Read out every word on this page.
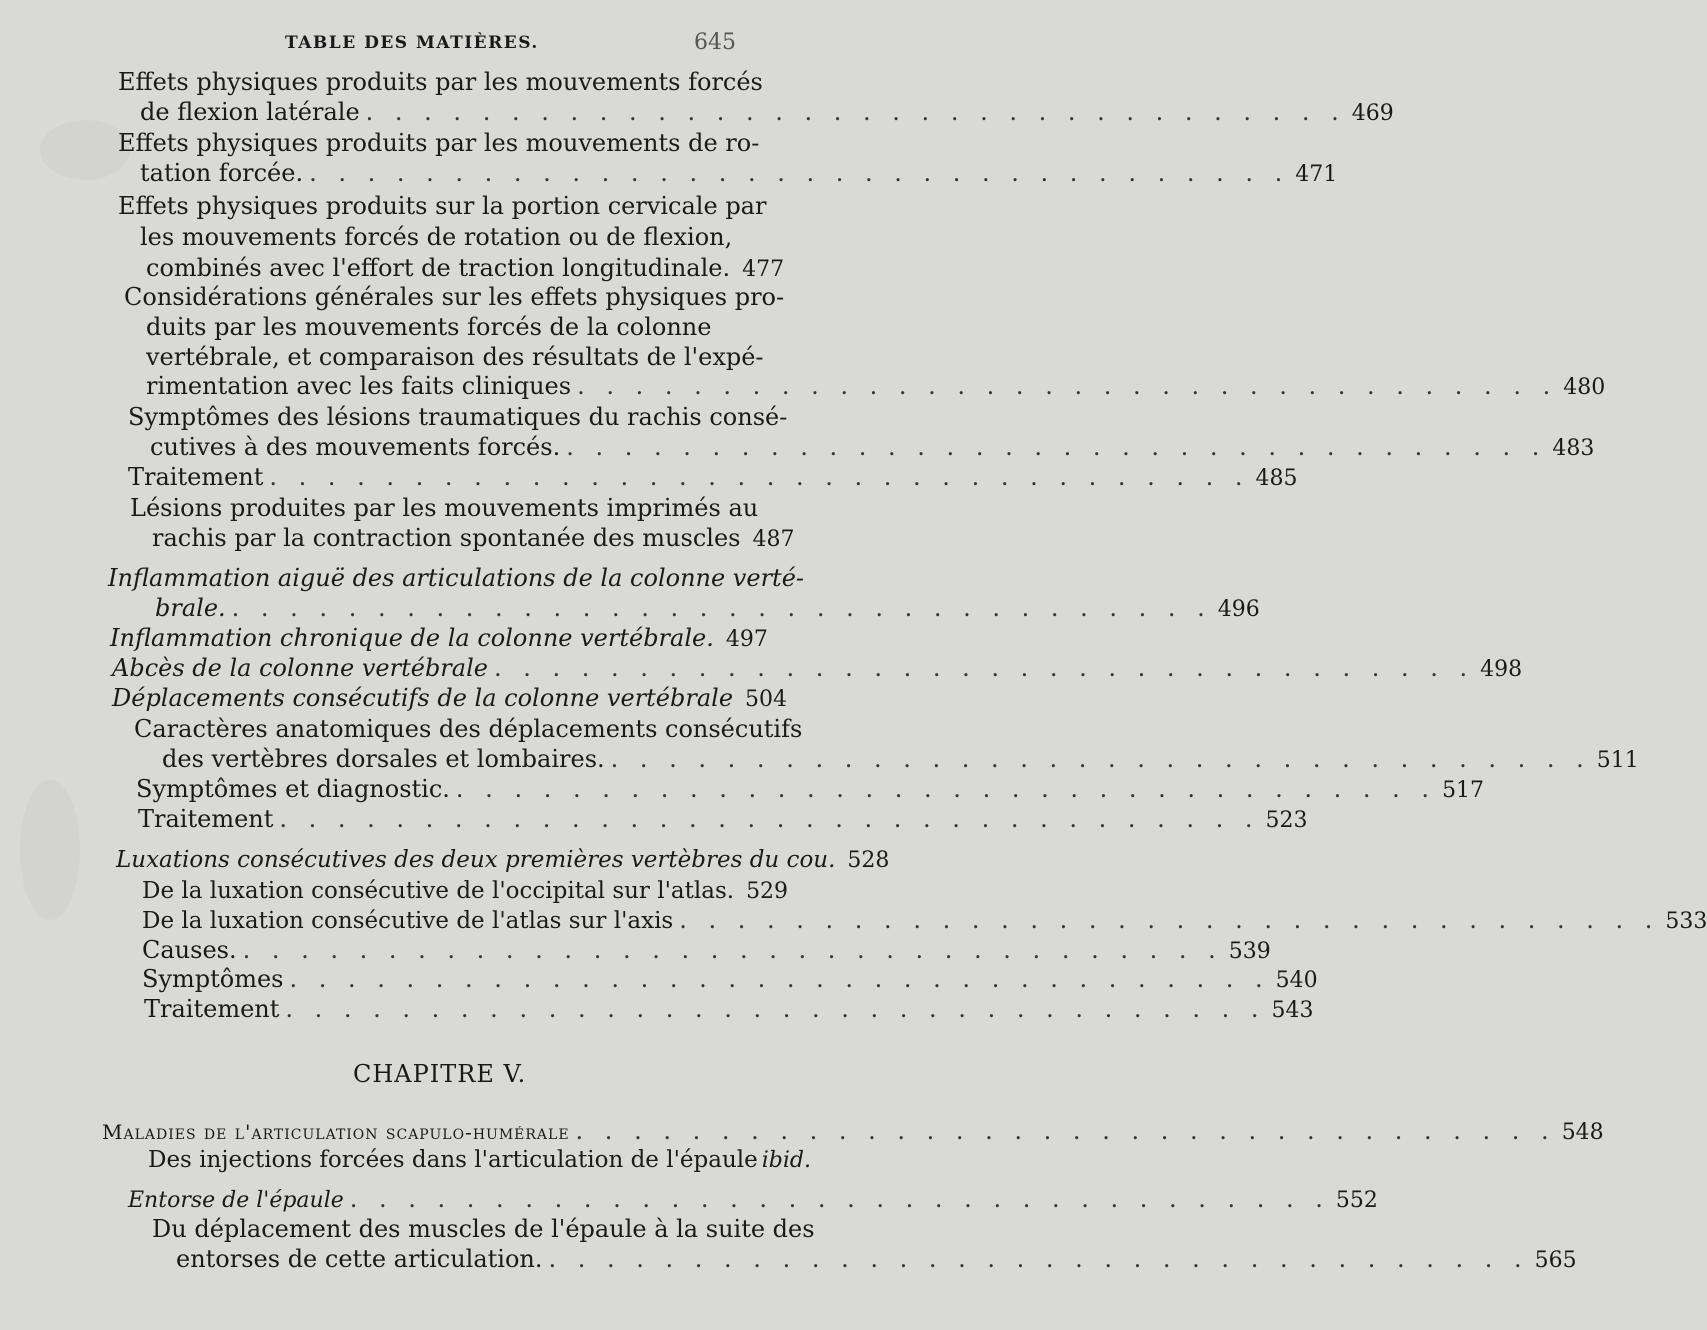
TABLE DES MATIÈRES.	645
Effets physiques produits par les mouvements forcés
de flexion latérale . . . . . . . . . . . . . . . . . . . . . . . . . . . . . . . . . . 469
Effets physiques produits par les mouvements de ro-
tation forcée. . . . . . . . . . . . . . . . . . . . . . . . . . . . . . . . . . . 471
Effets physiques produits sur la portion cervicale par
les mouvements forcés de rotation ou de flexion,
combinés avec l'effort de traction longitudinale. 477
Considérations générales sur les effets physiques pro-
duits par les mouvements forcés de la colonne
vertébrale, et comparaison des résultats de l'expé-
rimentation avec les faits cliniques . . . . . . . . . . . . . . . . . . . . . . . . . . . . . . . . . . 480
Symptômes des lésions traumatiques du rachis consé-
cutives à des mouvements forcés. . . . . . . . . . . . . . . . . . . . . . . . . . . . . . . . . . . 483
Traitement . . . . . . . . . . . . . . . . . . . . . . . . . . . . . . . . . . 485
Lésions produites par les mouvements imprimés au
rachis par la contraction spontanée des muscles 487
Inflammation aiguë des articulations de la colonne verté-
brale. . . . . . . . . . . . . . . . . . . . . . . . . . . . . . . . . . . 496
Inflammation chronique de la colonne vertébrale. 497
Abcès de la colonne vertébrale . . . . . . . . . . . . . . . . . . . . . . . . . . . . . . . . . . 498
Déplacements consécutifs de la colonne vertébrale 504
Caractères anatomiques des déplacements consécutifs
des vertèbres dorsales et lombaires. . . . . . . . . . . . . . . . . . . . . . . . . . . . . . . . . . . 511
Symptômes et diagnostic. . . . . . . . . . . . . . . . . . . . . . . . . . . . . . . . . . . 517
Traitement . . . . . . . . . . . . . . . . . . . . . . . . . . . . . . . . . . 523
Luxations consécutives des deux premières vertèbres du cou. 528
De la luxation consécutive de l'occipital sur l'atlas. 529
De la luxation consécutive de l'atlas sur l'axis . . . . . . . . . . . . . . . . . . . . . . . . . . . . . . . . . . 533
Causes. . . . . . . . . . . . . . . . . . . . . . . . . . . . . . . . . . . 539
Symptômes . . . . . . . . . . . . . . . . . . . . . . . . . . . . . . . . . . 540
Traitement . . . . . . . . . . . . . . . . . . . . . . . . . . . . . . . . . . 543
CHAPITRE V.
Maladies de l'articulation scapulo-humérale . . . . . . . . . . . . . . . . . . . . . . . . . . . . . . . . . . 548
Des injections forcées dans l'articulation de l'épaule ibid.
Entorse de l'épaule . . . . . . . . . . . . . . . . . . . . . . . . . . . . . . . . . . 552
Du déplacement des muscles de l'épaule à la suite des
entorses de cette articulation. . . . . . . . . . . . . . . . . . . . . . . . . . . . . . . . . . . 565
